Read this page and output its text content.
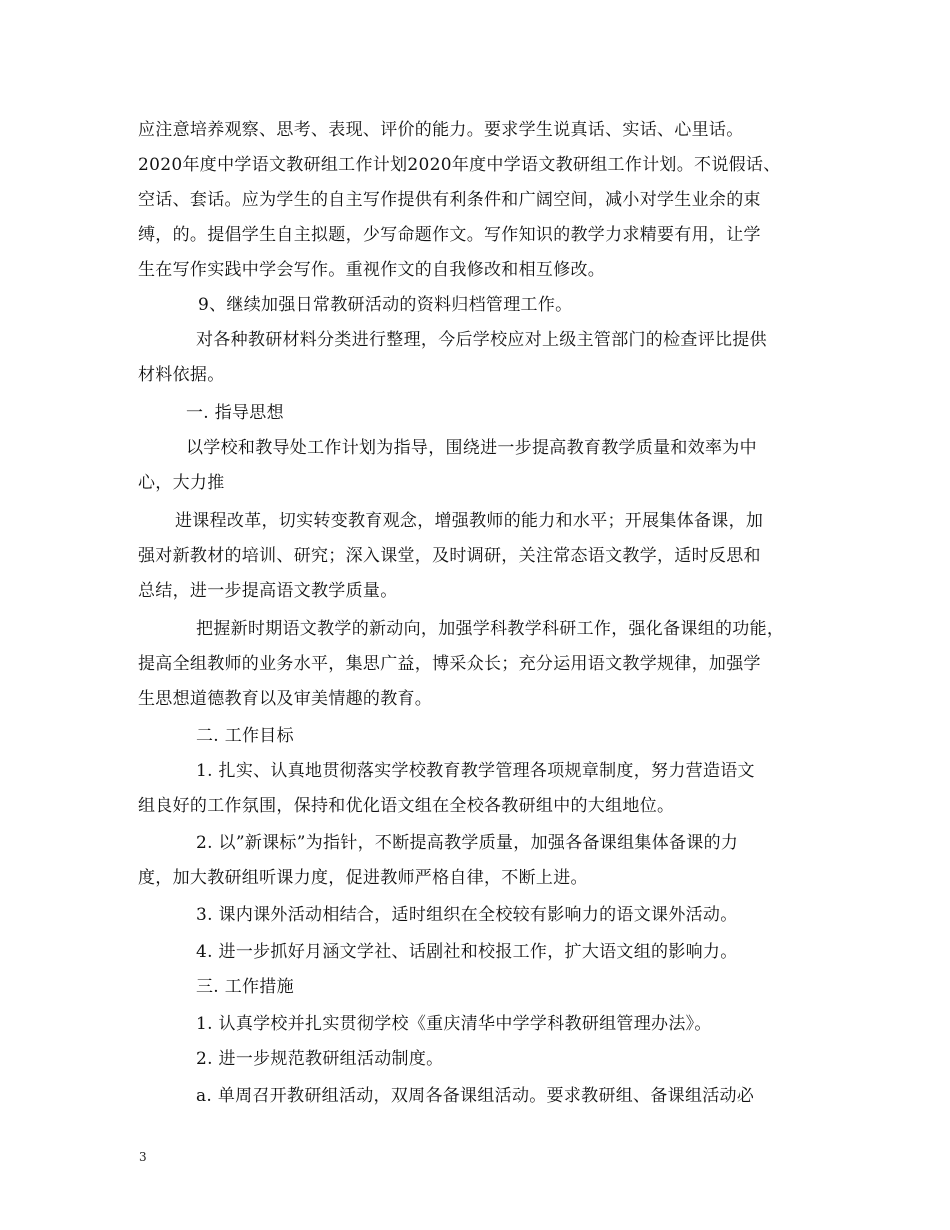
应注意培养观察、思考、表现、评价的能力。要求学生说真话、实话、心里话。
2020年度中学语文教研组工作计划2020年度中学语文教研组工作计划。不说假话、
空话、套话。应为学生的自主写作提供有利条件和广阔空间，减小对学生业余的束
缚，的。提倡学生自主拟题，少写命题作文。写作知识的教学力求精要有用，让学
生在写作实践中学会写作。重视作文的自我修改和相互修改。
9、继续加强日常教研活动的资料归档管理工作。
对各种教研材料分类进行整理，今后学校应对上级主管部门的检查评比提供
材料依据。
一. 指导思想
以学校和教导处工作计划为指导，围绕进一步提高教育教学质量和效率为中
心，大力推
进课程改革，切实转变教育观念，增强教师的能力和水平；开展集体备课，加
强对新教材的培训、研究；深入课堂，及时调研，关注常态语文教学，适时反思和
总结，进一步提高语文教学质量。
把握新时期语文教学的新动向，加强学科教学科研工作，强化备课组的功能，
提高全组教师的业务水平，集思广益，博采众长；充分运用语文教学规律，加强学
生思想道德教育以及审美情趣的教育。
二. 工作目标
1. 扎实、认真地贯彻落实学校教育教学管理各项规章制度，努力营造语文
组良好的工作氛围，保持和优化语文组在全校各教研组中的大组地位。
2. 以”新课标”为指针，不断提高教学质量，加强各备课组集体备课的力
度，加大教研组听课力度，促进教师严格自律，不断上进。
3. 课内课外活动相结合，适时组织在全校较有影响力的语文课外活动。
4. 进一步抓好月涵文学社、话剧社和校报工作，扩大语文组的影响力。
三. 工作措施
1. 认真学校并扎实贯彻学校《重庆清华中学学科教研组管理办法》。
2. 进一步规范教研组活动制度。
a. 单周召开教研组活动，双周各备课组活动。要求教研组、备课组活动必
3
